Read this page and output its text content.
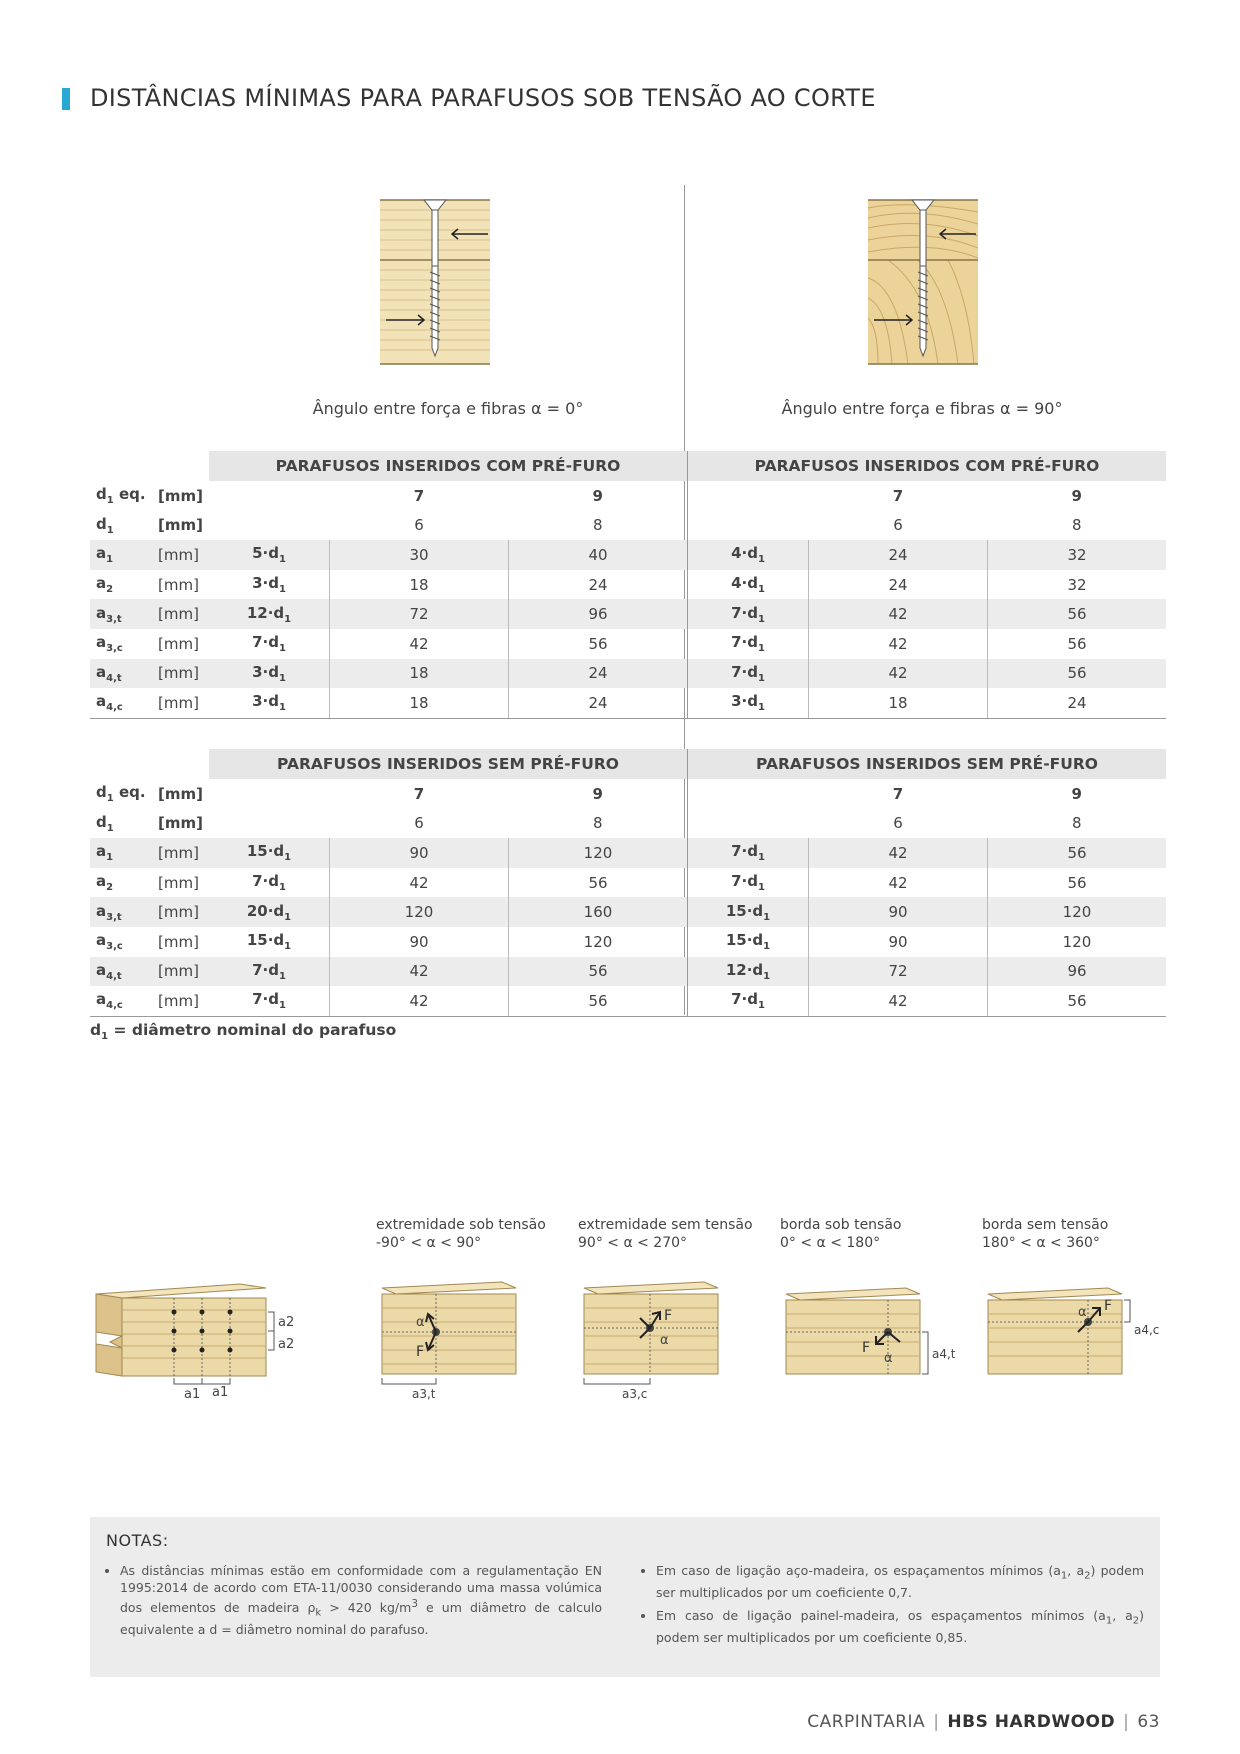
DISTÂNCIAS MÍNIMAS PARA PARAFUSOS SOB TENSÃO AO CORTE
Ângulo entre força e fibras α = 0°	Ângulo entre força e fibras α = 90°
		PARAFUSOS INSERIDOS COM PRÉ-FURO			PARAFUSOS INSERIDOS COM PRÉ-FURO		
$d_1$ eq.	[mm]		7	9		7	9
$d_1$	[mm]		6	8		6	8
$a_1$	[mm]	$5\cdot d_1$	30	40	$4\cdot d_1$	24	32
$a_2$	[mm]	$3\cdot d_1$	18	24	$4\cdot d_1$	24	32
$a_{3,t}$	[mm]	$12\cdot d_1$	72	96	$7\cdot d_1$	42	56
$a_{3,c}$	[mm]	$7\cdot d_1$	42	56	$7\cdot d_1$	42	56
$a_{4,t}$	[mm]	$3\cdot d_1$	18	24	$7\cdot d_1$	42	56
$a_{4,c}$	[mm]	$3\cdot d_1$	18	24	$3\cdot d_1$	18	24
		PARAFUSOS INSERIDOS SEM PRÉ-FURO			PARAFUSOS INSERIDOS SEM PRÉ-FURO		
$d_1$ eq.	[mm]		7	9		7	9
$d_1$	[mm]		6	8		6	8
$a_1$	[mm]	$15\cdot d_1$	90	120	$7\cdot d_1$	42	56
$a_2$	[mm]	$7\cdot d_1$	42	56	$7\cdot d_1$	42	56
$a_{3,t}$	[mm]	$20\cdot d_1$	120	160	$15\cdot d_1$	90	120
$a_{3,c}$	[mm]	$15\cdot d_1$	90	120	$15\cdot d_1$	90	120
$a_{4,t}$	[mm]	$7\cdot d_1$	42	56	$12\cdot d_1$	72	96
$a_{4,c}$	[mm]	$7\cdot d_1$	42	56	$7\cdot d_1$	42	56
$d_1$ = diâmetro nominal do parafuso
extremidade sob tensão
-90° < α < 90°
extremidade sem tensão
90° < α < 270°
borda sob tensão
0° < α < 180°
borda sem tensão
180° < α < 360°
a2
a2
a1 a1
α
F
a3,t
F
α
a3,c
F
α	a4,t
F
α
a4,c
NOTAS:
• As distâncias mínimas estão em conformidade com a regulamentação EN 1995:2014 de acordo com ETA-11/0030 considerando uma massa volúmica dos elementos de madeira $\rho_k > 420$ $kg/m^3$ e um diâmetro de calculo equivalente a d = diâmetro nominal do parafuso.
• Em caso de ligação aço-madeira, os espaçamentos mínimos ($a_1$, $a_2$) podem ser multiplicados por um coeficiente 0,7.
• Em caso de ligação painel-madeira, os espaçamentos mínimos ($a_1$, $a_2$) podem ser multiplicados por um coeficiente 0,85.
CARPINTARIA | HBS HARDWOOD | 63
